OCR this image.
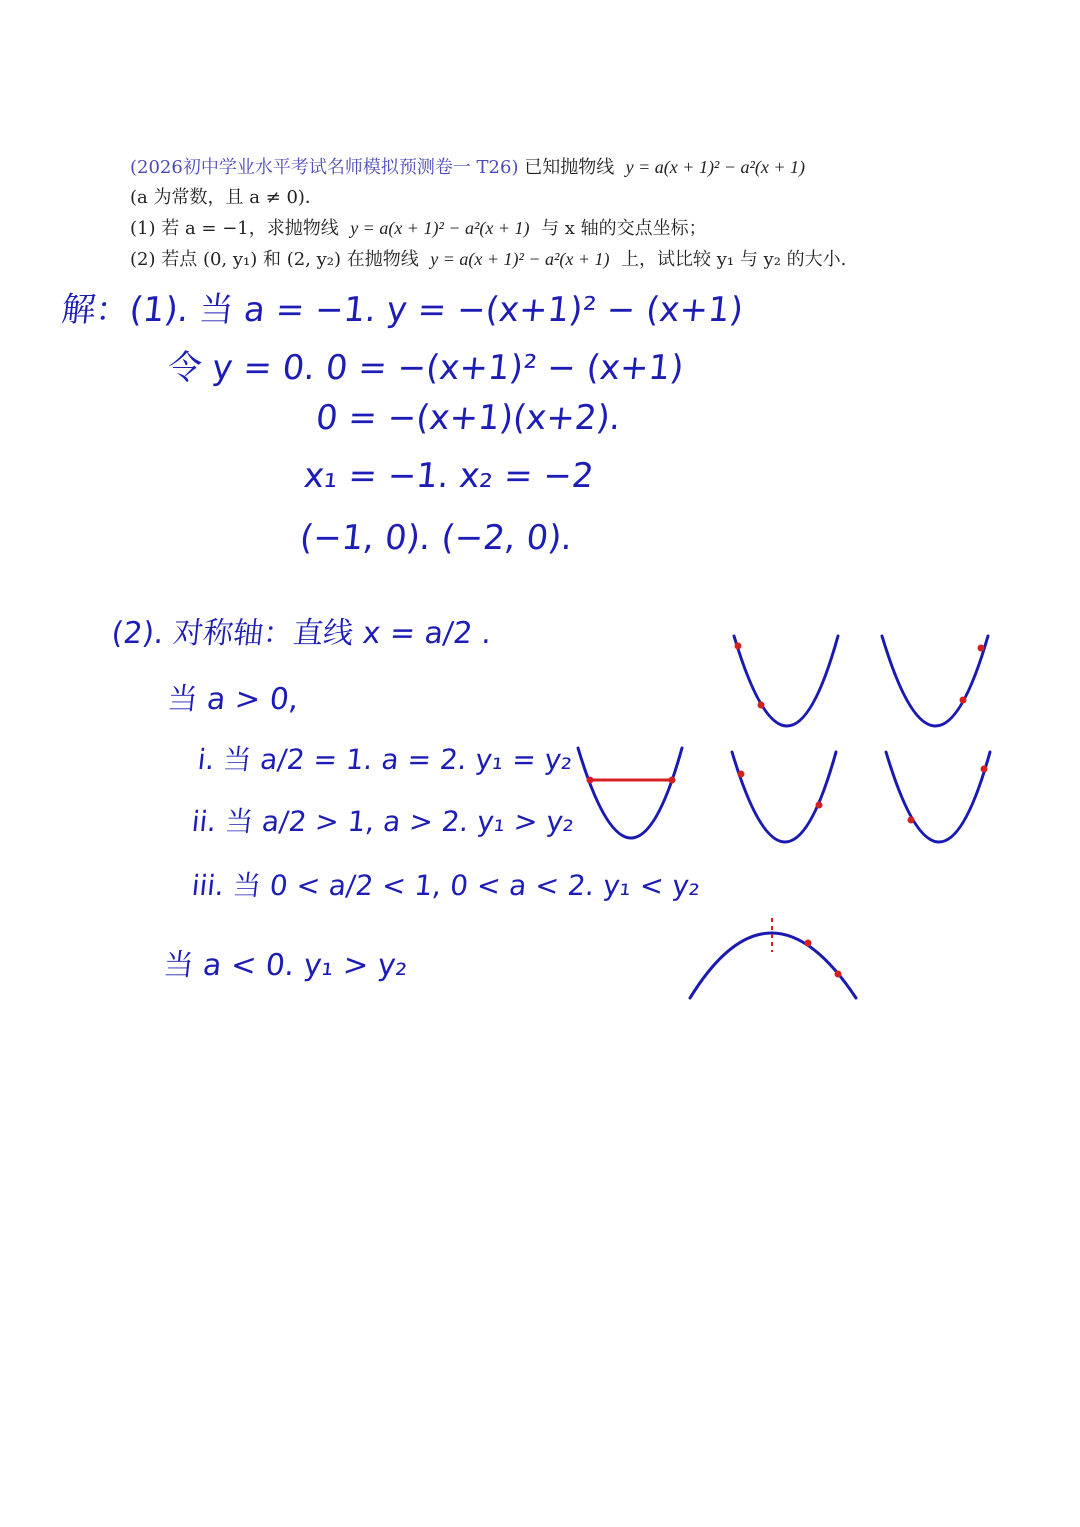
(2026初中学业水平考试名师模拟预测卷一 T26) 已知抛物线 y = a(x + 1)² − a²(x + 1)
(a 为常数，且 a ≠ 0)．
(1) 若 a = −1，求抛物线 y = a(x + 1)² − a²(x + 1) 与 x 轴的交点坐标；
(2) 若点 (0, y₁) 和 (2, y₂) 在抛物线 y = a(x + 1)² − a²(x + 1) 上，试比较 y₁ 与 y₂ 的大小.
解：(1). 当 a = −1. y = −(x+1)² − (x+1)
令 y = 0. 0 = −(x+1)² − (x+1)
0 = −(x+1)(x+2).
x₁ = −1. x₂ = −2
(−1, 0). (−2, 0).
(2). 对称轴：直线 x = a/2 .
当 a > 0,
i. 当 a/2 = 1. a = 2. y₁ = y₂
ii. 当 a/2 > 1, a > 2. y₁ > y₂
iii. 当 0 < a/2 < 1, 0 < a < 2. y₁ < y₂
当 a < 0. y₁ > y₂
